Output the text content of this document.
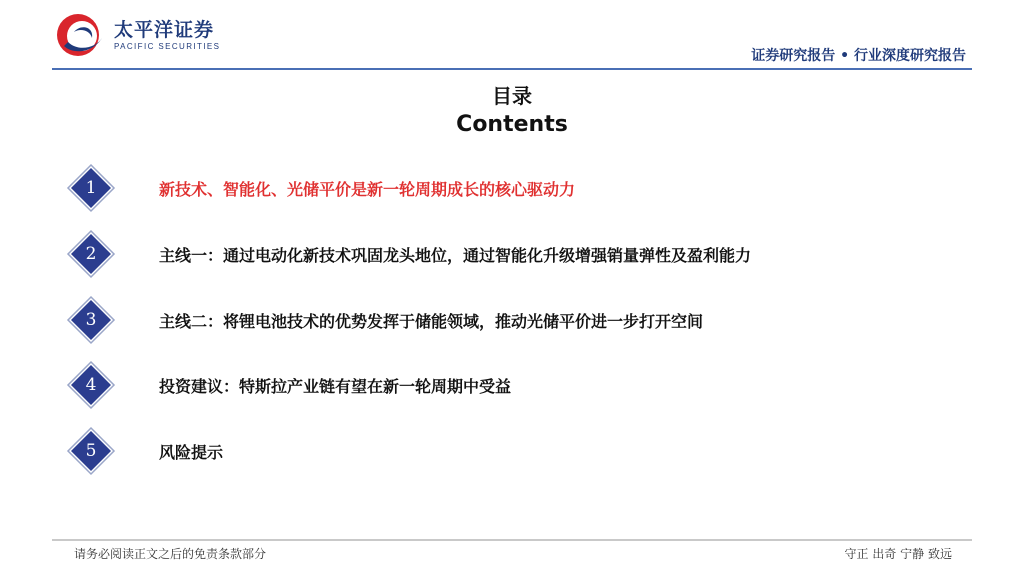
太平洋证券
PACIFIC SECURITIES
证券研究报告 • 行业深度研究报告
目录
Contents
1	新技术、智能化、光储平价是新一轮周期成长的核心驱动力
2	主线一：通过电动化新技术巩固龙头地位，通过智能化升级增强销量弹性及盈利能力
3	主线二：将锂电池技术的优势发挥于储能领域，推动光储平价进一步打开空间
4	投资建议：特斯拉产业链有望在新一轮周期中受益
5	风险提示
请务必阅读正文之后的免责条款部分	守正 出奇 宁静 致远
